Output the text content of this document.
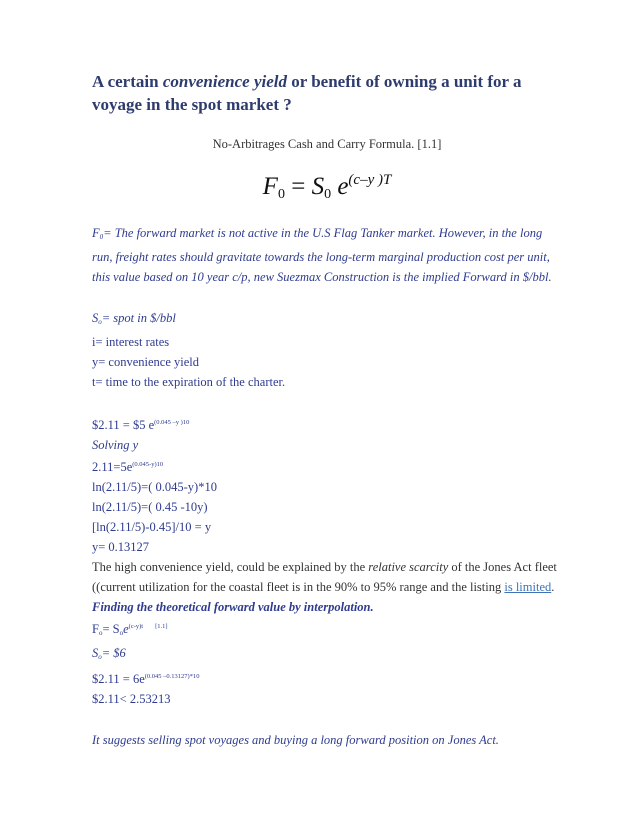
A certain convenience yield or benefit of owning a unit for a voyage in the spot market ?
No-Arbitrages Cash and Carry Formula. [1.1]
$F_0 = S_0$ $e^{(c-y )T}$

F0= The forward market is not active in the U.S Flag Tanker market. However, in the long
run, freight rates should gravitate towards the long-term marginal production cost per unit,
this value based on 10 year c/p, new Suezmax Construction is the implied Forward in $/bbl.

So= spot in $/bbl

i= interest rates

y= convenience yield

t= time to the expiration of the charter.

$2.11 = $5 $e^{(0.045 -y )10}$

Solving y

$2.11=5e^{(0.045-y)10}$

ln(2.11/5)=( 0.045-y)*10

ln(2.11/5)=( 0.45 -10y)

[ln(2.11/5)-0.45]/10 = y

y= 0.13127

The high convenience yield, could be explained by the relative scarcity of the Jones Act fleet

((current utilization for the coastal fleet is in the 90% to 95% range and the listing is limited.

Finding the theoretical forward value by interpolation.

Fo= Soe$^{(c-y)t}$ [1.1]

So= $6

$2.11 = $6e^{(0.045 -0.13127)*10}$

$2.11< 2.53213

It suggests selling spot voyages and buying a long forward position on Jones Act.
